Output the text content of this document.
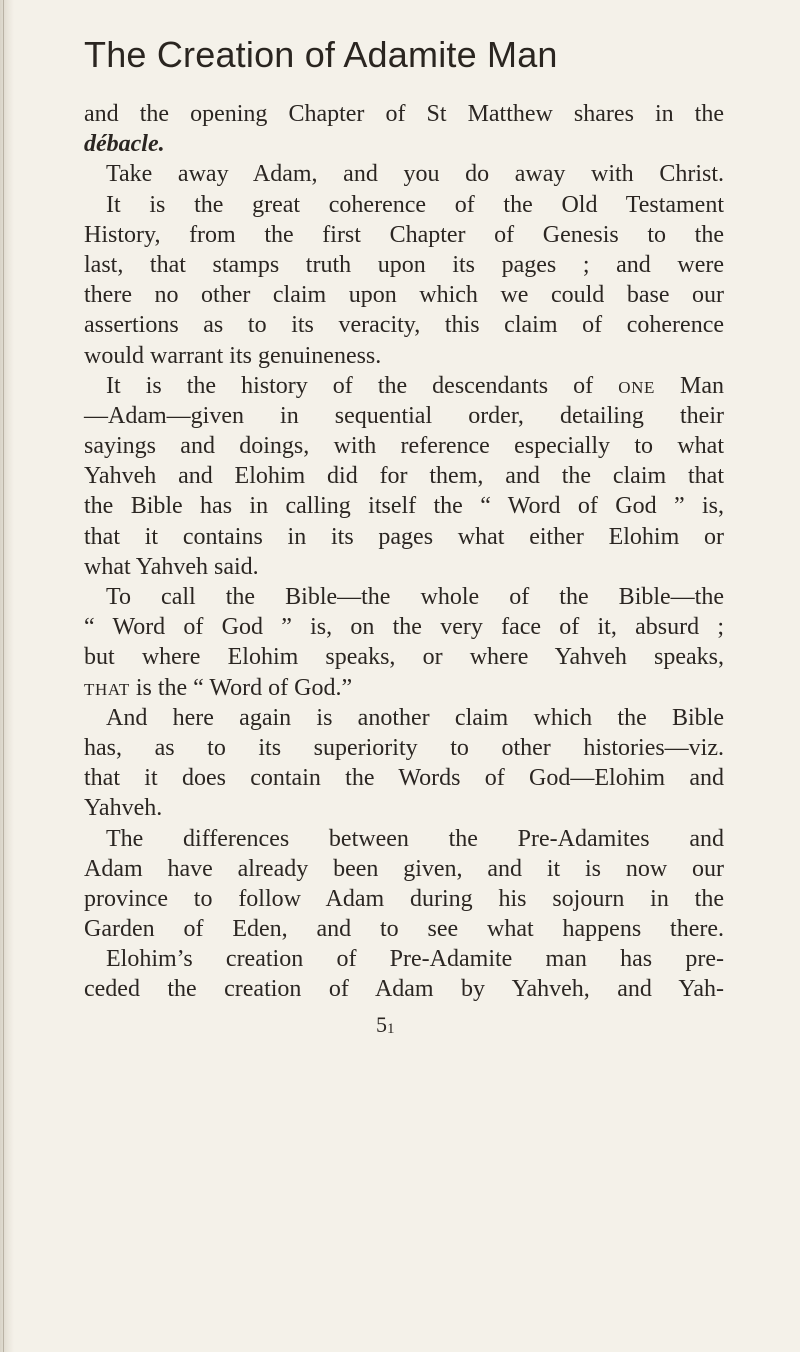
The Creation of Adamite Man
and the opening Chapter of St Matthew shares in the
débacle.
Take away Adam, and you do away with Christ.
It is the great coherence of the Old Testament
History, from the first Chapter of Genesis to the
last, that stamps truth upon its pages ; and were
there no other claim upon which we could base our
assertions as to its veracity, this claim of coherence
would warrant its genuineness.
It is the history of the descendants of one Man
—Adam—given in sequential order, detailing their
sayings and doings, with reference especially to what
Yahveh and Elohim did for them, and the claim that
the Bible has in calling itself the “ Word of God ” is,
that it contains in its pages what either Elohim or
what Yahveh said.
To call the Bible—the whole of the Bible—the
“ Word of God ” is, on the very face of it, absurd ;
but where Elohim speaks, or where Yahveh speaks,
that is the “ Word of God.”
And here again is another claim which the Bible
has, as to its superiority to other histories—viz.
that it does contain the Words of God—Elohim and
Yahveh.
The differences between the Pre-Adamites and
Adam have already been given, and it is now our
province to follow Adam during his sojourn in the
Garden of Eden, and to see what happens there.
Elohim’s creation of Pre-Adamite man has pre-
ceded the creation of Adam by Yahveh, and Yah-
$5_1$
